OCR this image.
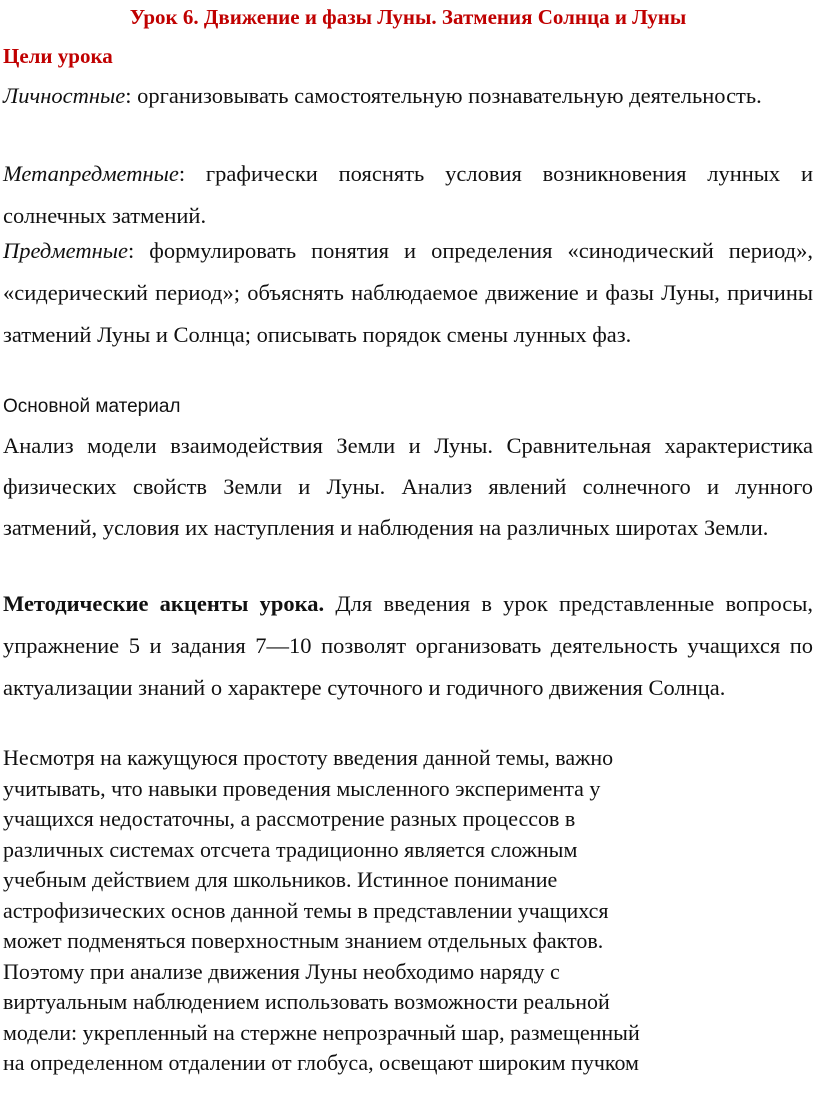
Урок 6. Движение и фазы Луны. Затмения Солнца и Луны
Цели урока
Личностные: организовывать самостоятельную познавательную деятельность.
Метапредметные: графически пояснять условия возникновения лунных и солнечных затмений.
Предметные: формулировать понятия и определения «синодический период», «сидерический период»; объяснять наблюдаемое движение и фазы Луны, причины затмений Луны и Солнца; описывать порядок смены лунных фаз.
Основной материал
Анализ модели взаимодействия Земли и Луны. Сравнительная характеристика физических свойств Земли и Луны. Анализ явлений солнечного и лунного затмений, условия их наступления и наблюдения на различных широтах Земли.
Методические акценты урока. Для введения в урок представленные вопросы, упражнение 5 и задания 7—10 позволят организовать деятельность учащихся по актуализации знаний о характере суточного и годичного движения Солнца.
Несмотря на кажущуюся простоту введения данной темы, важно
учитывать, что навыки проведения мысленного эксперимента у
учащихся недостаточны, а рассмотрение разных процессов в
различных системах отсчета традиционно является сложным
учебным действием для школьников. Истинное понимание
астрофизических основ данной темы в представлении учащихся
может подменяться поверхностным знанием отдельных фактов.
Поэтому при анализе движения Луны необходимо наряду с
виртуальным наблюдением использовать возможности реальной
модели: укрепленный на стержне непрозрачный шар, размещенный
на определенном отдалении от глобуса, освещают широким пучком
